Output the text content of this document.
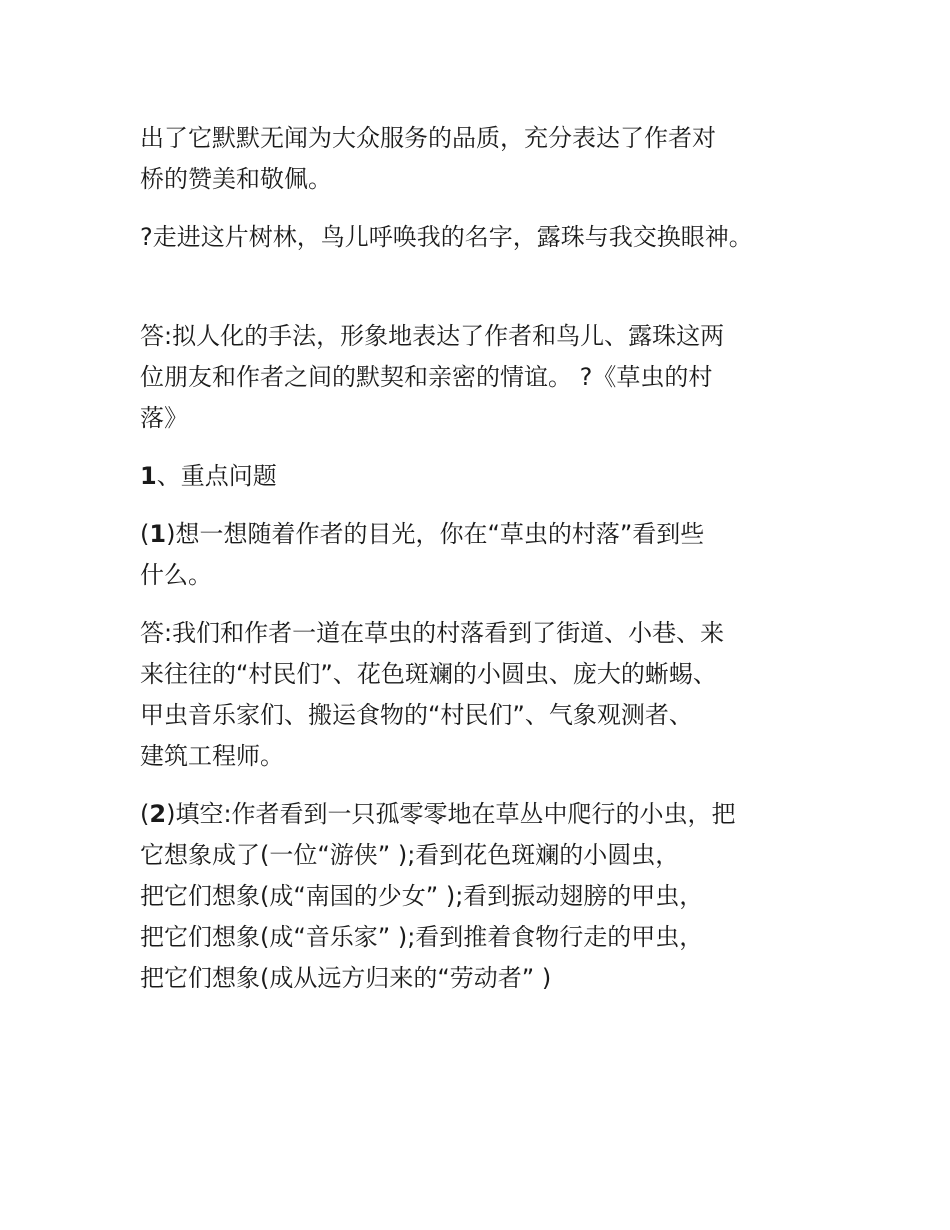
出了它默默无闻为大众服务的品质，充分表达了作者对
桥的赞美和敬佩。

?走进这片树林，鸟儿呼唤我的名字，露珠与我交换眼神。

答:拟人化的手法，形象地表达了作者和鸟儿、露珠这两
位朋友和作者之间的默契和亲密的情谊。 ?《草虫的村
落》

1、重点问题

(1)想一想随着作者的目光，你在“草虫的村落”看到些
什么。

答:我们和作者一道在草虫的村落看到了街道、小巷、来
来往往的“村民们”、花色斑斓的小圆虫、庞大的蜥蜴、
甲虫音乐家们、搬运食物的“村民们”、气象观测者、
建筑工程师。

(2)填空:作者看到一只孤零零地在草丛中爬行的小虫，把
它想象成了(一位“游侠” );看到花色斑斓的小圆虫，
把它们想象(成“南国的少女” );看到振动翅膀的甲虫，
把它们想象(成“音乐家” );看到推着食物行走的甲虫，
把它们想象(成从远方归来的“劳动者” )
